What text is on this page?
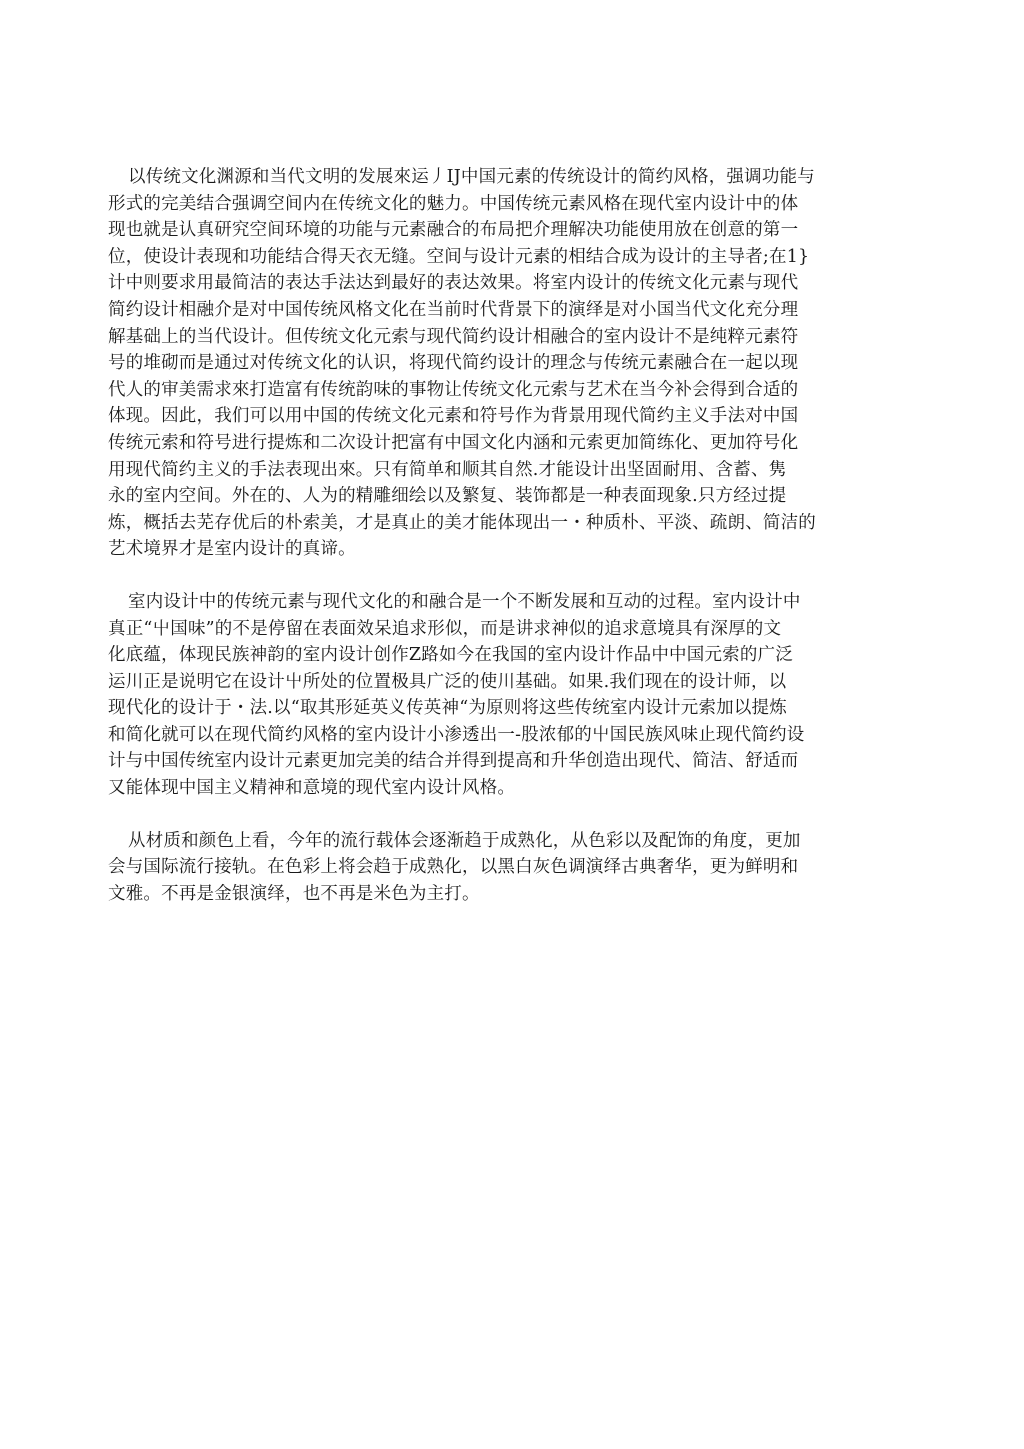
以传统文化渊源和当代文明的发展來运丿IJ中国元素的传统设计的简约风格，强调功能与
形式的完美结合强调空间内在传统文化的魅力。中国传统元素风格在现代室内设计中的体
现也就是认真研究空间环境的功能与元素融合的布局把介理解决功能使用放在创意的第一
位，使设计表现和功能结合得天衣无缝。空间与设计元素的相结合成为设计的主导者;在1}
计中则要求用最简洁的表达手法达到最好的表达效果。将室内设计的传统文化元素与现代
简约设计相融介是对中国传统风格文化在当前时代背景下的演绎是对小国当代文化充分理
解基础上的当代设计。但传统文化元索与现代简约设计相融合的室内设计不是纯粹元素符
号的堆砌而是通过对传统文化的认识，将现代简约设计的理念与传统元素融合在一起以现
代人的审美需求來打造富有传统韵味的事物让传统文化元索与艺术在当今补会得到合适的
体现。因此，我们可以用中国的传统文化元素和符号作为背景用现代简约主义手法对中国
传统元索和符号进行提炼和二次设计把富有中国文化内涵和元索更加简练化、更加符号化
用现代简约主义的手法表现出來。只有简单和顺其自然.才能设计出坚固耐用、含蓄、隽
永的室内空间。外在的、人为的精雕细绘以及繁复、装饰都是一种表面现象.只方经过提
炼，概括去芜存优后的朴索美，才是真止的美才能体现出一・种质朴、平淡、疏朗、简洁的
艺术境界才是室内设计的真谛。

室内设计中的传统元素与现代文化的和融合是一个不断发展和互动的过程。室内设计中
真正“屮国味”的不是停留在表面效呆追求形似，而是讲求神似的追求意境具有深厚的文
化底蕴，体现民族神韵的室内设计创作Z路如今在我国的室内设计作品中中国元索的广泛
运川正是说明它在设计屮所处的位置极具广泛的使川基础。如果.我们现在的设计师，以
现代化的设计于・法.以“取其形延英义传英神“为原则将这些传统室内设计元索加以提炼
和简化就可以在现代简约风格的室内设计小渗透出一-股浓郁的屮国民族风味止现代简约设
计与中国传统室内设计元素更加完美的结合并得到提高和升华创造出现代、简洁、舒适而
又能体现中国主义精神和意境的现代室内设计风格。

从材质和颜色上看，今年的流行载体会逐渐趋于成熟化，从色彩以及配饰的角度，更加
会与国际流行接轨。在色彩上将会趋于成熟化，以黑白灰色调演绎古典奢华，更为鲜明和
文雅。不再是金银演绎，也不再是米色为主打。
